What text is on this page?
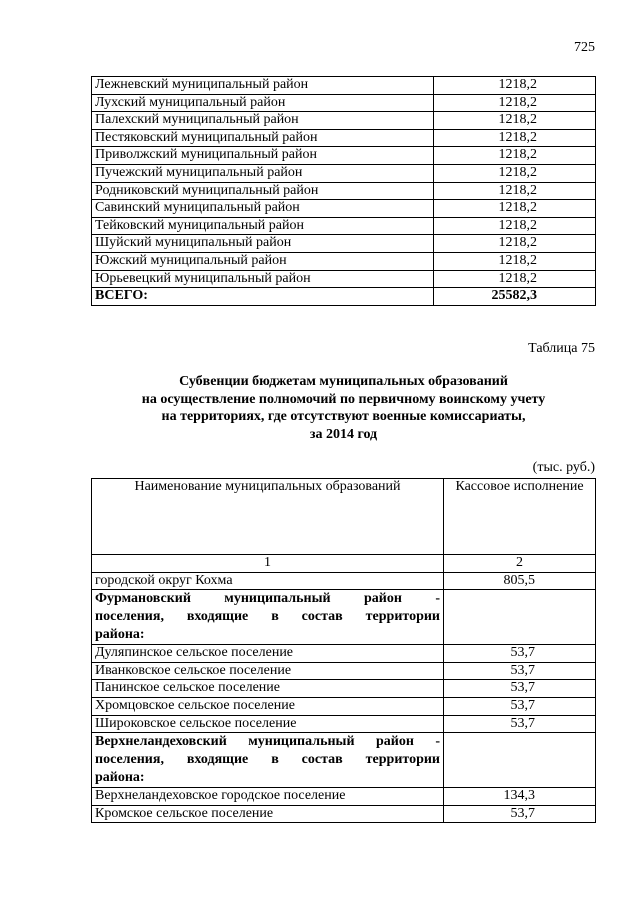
725
Лежневский муниципальный район	1218,2
Лухский муниципальный район	1218,2
Палехский муниципальный район	1218,2
Пестяковский муниципальный район	1218,2
Приволжский муниципальный район	1218,2
Пучежский муниципальный район	1218,2
Родниковский муниципальный район	1218,2
Савинский муниципальный район	1218,2
Тейковский муниципальный район	1218,2
Шуйский муниципальный район	1218,2
Южский муниципальный район	1218,2
Юрьевецкий муниципальный район	1218,2
ВСЕГО:	25582,3
Таблица 75
Субвенции бюджетам муниципальных образований
на осуществление полномочий по первичному воинскому учету
на территориях, где отсутствуют военные комиссариаты,
за 2014 год
(тыс. руб.)
Наименование муниципальных образований	Кассовое исполнение
1	2
городской округ Кохма	805,5

Фурмановский муниципальный район -
поселения, входящие в состав территории
района:	

Дуляпинское сельское поселение	53,7
Иванковское сельское поселение	53,7
Панинское сельское поселение	53,7
Хромцовское сельское поселение	53,7
Широковское сельское поселение	53,7

Верхнеландеховский муниципальный район -
поселения, входящие в состав территории
района:	

Верхнеландеховское городское поселение	134,3
Кромское сельское поселение	53,7
